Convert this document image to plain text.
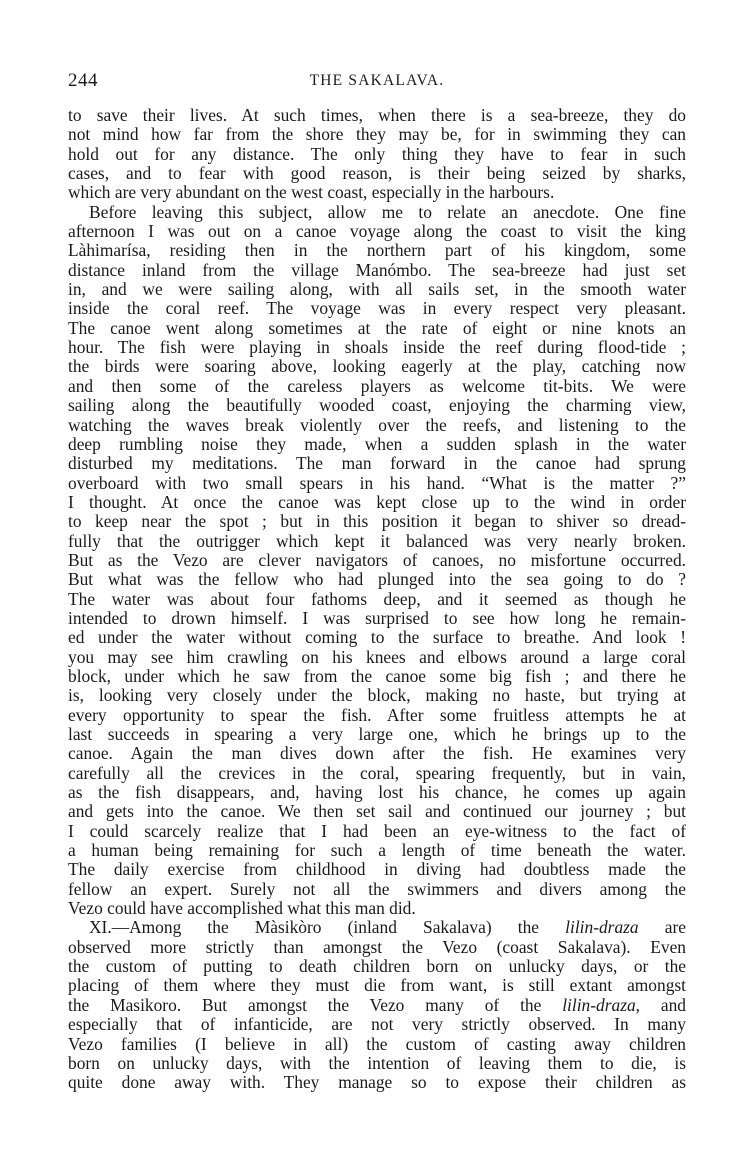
244	THE SAKALAVA.
to save their lives. At such times, when there is a sea-breeze, they do
not mind how far from the shore they may be, for in swimming they can
hold out for any distance. The only thing they have to fear in such
cases, and to fear with good reason, is their being seized by sharks,
which are very abundant on the west coast, especially in the harbours.
Before leaving this subject, allow me to relate an anecdote. One fine
afternoon I was out on a canoe voyage along the coast to visit the king
Làhimarísa, residing then in the northern part of his kingdom, some
distance inland from the village Manómbo. The sea-breeze had just set
in, and we were sailing along, with all sails set, in the smooth water
inside the coral reef. The voyage was in every respect very pleasant.
The canoe went along sometimes at the rate of eight or nine knots an
hour. The fish were playing in shoals inside the reef during flood-tide ;
the birds were soaring above, looking eagerly at the play, catching now
and then some of the careless players as welcome tit-bits. We were
sailing along the beautifully wooded coast, enjoying the charming view,
watching the waves break violently over the reefs, and listening to the
deep rumbling noise they made, when a sudden splash in the water
disturbed my meditations. The man forward in the canoe had sprung
overboard with two small spears in his hand. “What is the matter ?”
I thought. At once the canoe was kept close up to the wind in order
to keep near the spot ; but in this position it began to shiver so dread-
fully that the outrigger which kept it balanced was very nearly broken.
But as the Vezo are clever navigators of canoes, no misfortune occurred.
But what was the fellow who had plunged into the sea going to do ?
The water was about four fathoms deep, and it seemed as though he
intended to drown himself. I was surprised to see how long he remain-
ed under the water without coming to the surface to breathe. And look !
you may see him crawling on his knees and elbows around a large coral
block, under which he saw from the canoe some big fish ; and there he
is, looking very closely under the block, making no haste, but trying at
every opportunity to spear the fish. After some fruitless attempts he at
last succeeds in spearing a very large one, which he brings up to the
canoe. Again the man dives down after the fish. He examines very
carefully all the crevices in the coral, spearing frequently, but in vain,
as the fish disappears, and, having lost his chance, he comes up again
and gets into the canoe. We then set sail and continued our journey ; but
I could scarcely realize that I had been an eye-witness to the fact of
a human being remaining for such a length of time beneath the water.
The daily exercise from childhood in diving had doubtless made the
fellow an expert. Surely not all the swimmers and divers among the
Vezo could have accomplished what this man did.
XI.—Among the Màsikòro (inland Sakalava) the lilin-draza are
observed more strictly than amongst the Vezo (coast Sakalava). Even
the custom of putting to death children born on unlucky days, or the
placing of them where they must die from want, is still extant amongst
the Masikoro. But amongst the Vezo many of the lilin-draza, and
especially that of infanticide, are not very strictly observed. In many
Vezo families (I believe in all) the custom of casting away children
born on unlucky days, with the intention of leaving them to die, is
quite done away with. They manage so to expose their children as
